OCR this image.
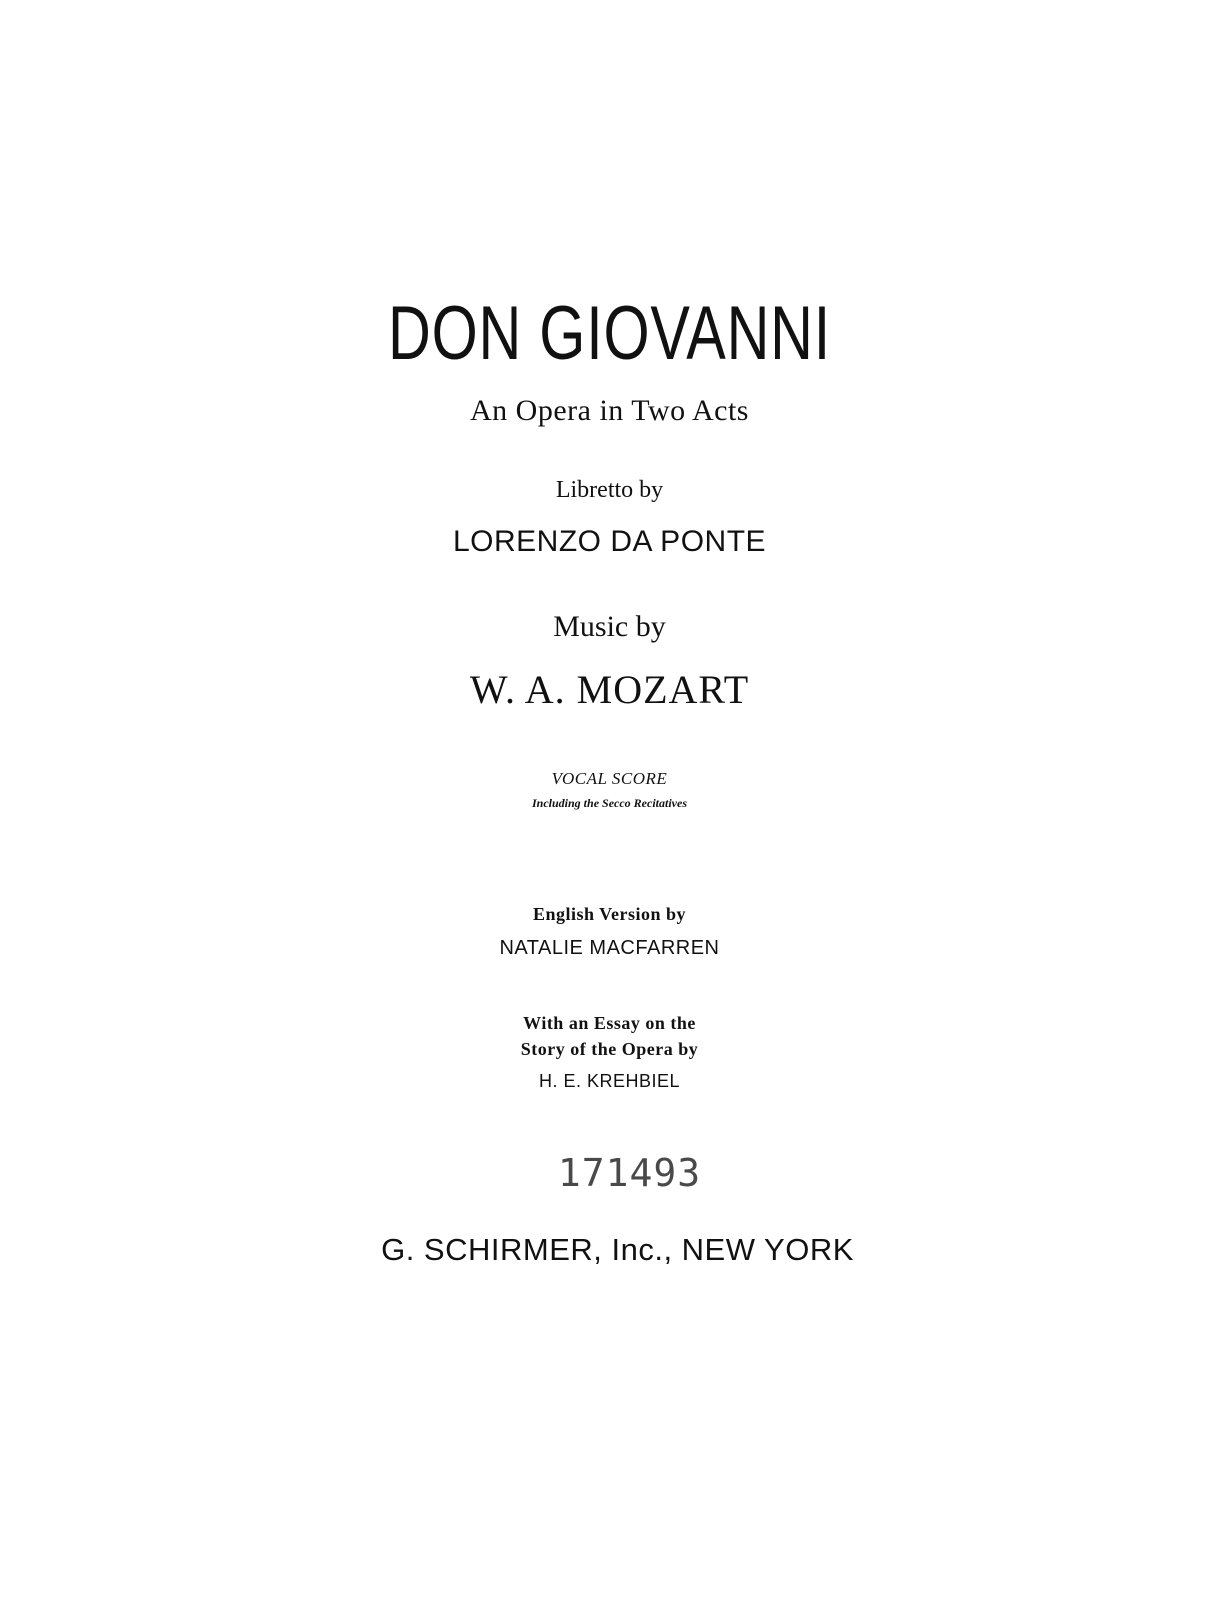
DON GIOVANNI
An Opera in Two Acts
Libretto by
LORENZO DA PONTE
Music by
W. A. MOZART
VOCAL SCORE
Including the Secco Recitatives
English Version by
NATALIE MACFARREN
With an Essay on the
Story of the Opera by
H. E. KREHBIEL
171493
G. SCHIRMER, Inc., NEW YORK
